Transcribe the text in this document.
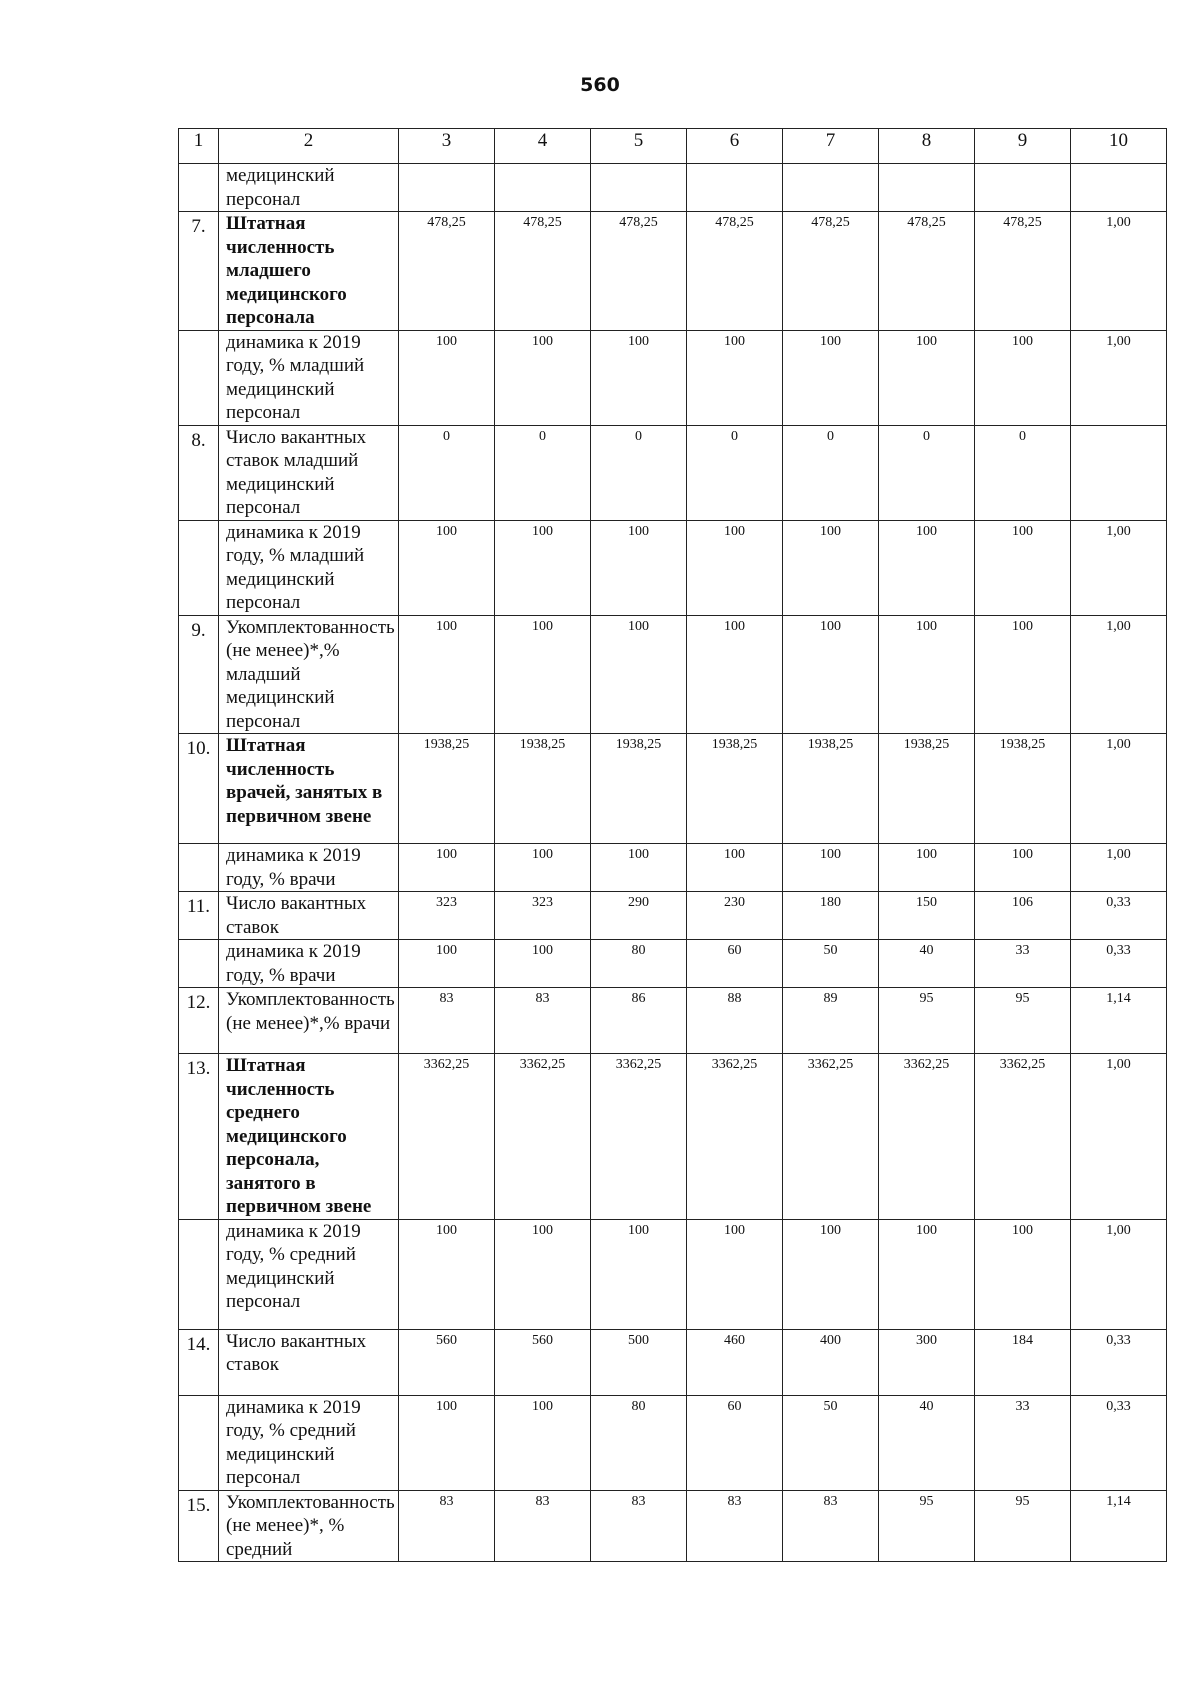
560
1	2	3	4	5	6	7	8	9	10
	медицинский персонал								
7.	Штатная численность младшего медицинского персонала	478,25	478,25	478,25	478,25	478,25	478,25	478,25	1,00
	динамика к 2019 году, % младший медицинский персонал	100	100	100	100	100	100	100	1,00
8.	Число вакантных ставок младший медицинский персонал	0	0	0	0	0	0	0	
	динамика к 2019 году, % младший медицинский персонал	100	100	100	100	100	100	100	1,00
9.	Укомплектованность (не менее)*,% младший медицинский персонал	100	100	100	100	100	100	100	1,00
10.	Штатная численность врачей, занятых в первичном звене	1938,25	1938,25	1938,25	1938,25	1938,25	1938,25	1938,25	1,00
	динамика к 2019 году, % врачи	100	100	100	100	100	100	100	1,00
11.	Число вакантных ставок	323	323	290	230	180	150	106	0,33
	динамика к 2019 году, % врачи	100	100	80	60	50	40	33	0,33
12.	Укомплектованность (не менее)*,% врачи	83	83	86	88	89	95	95	1,14
13.	Штатная численность среднего медицинского персонала, занятого в первичном звене	3362,25	3362,25	3362,25	3362,25	3362,25	3362,25	3362,25	1,00
	динамика к 2019 году, % средний медицинский персонал	100	100	100	100	100	100	100	1,00
14.	Число вакантных ставок	560	560	500	460	400	300	184	0,33
	динамика к 2019 году, % средний медицинский персонал	100	100	80	60	50	40	33	0,33
15.	Укомплектованность (не менее)*, % средний	83	83	83	83	83	95	95	1,14
